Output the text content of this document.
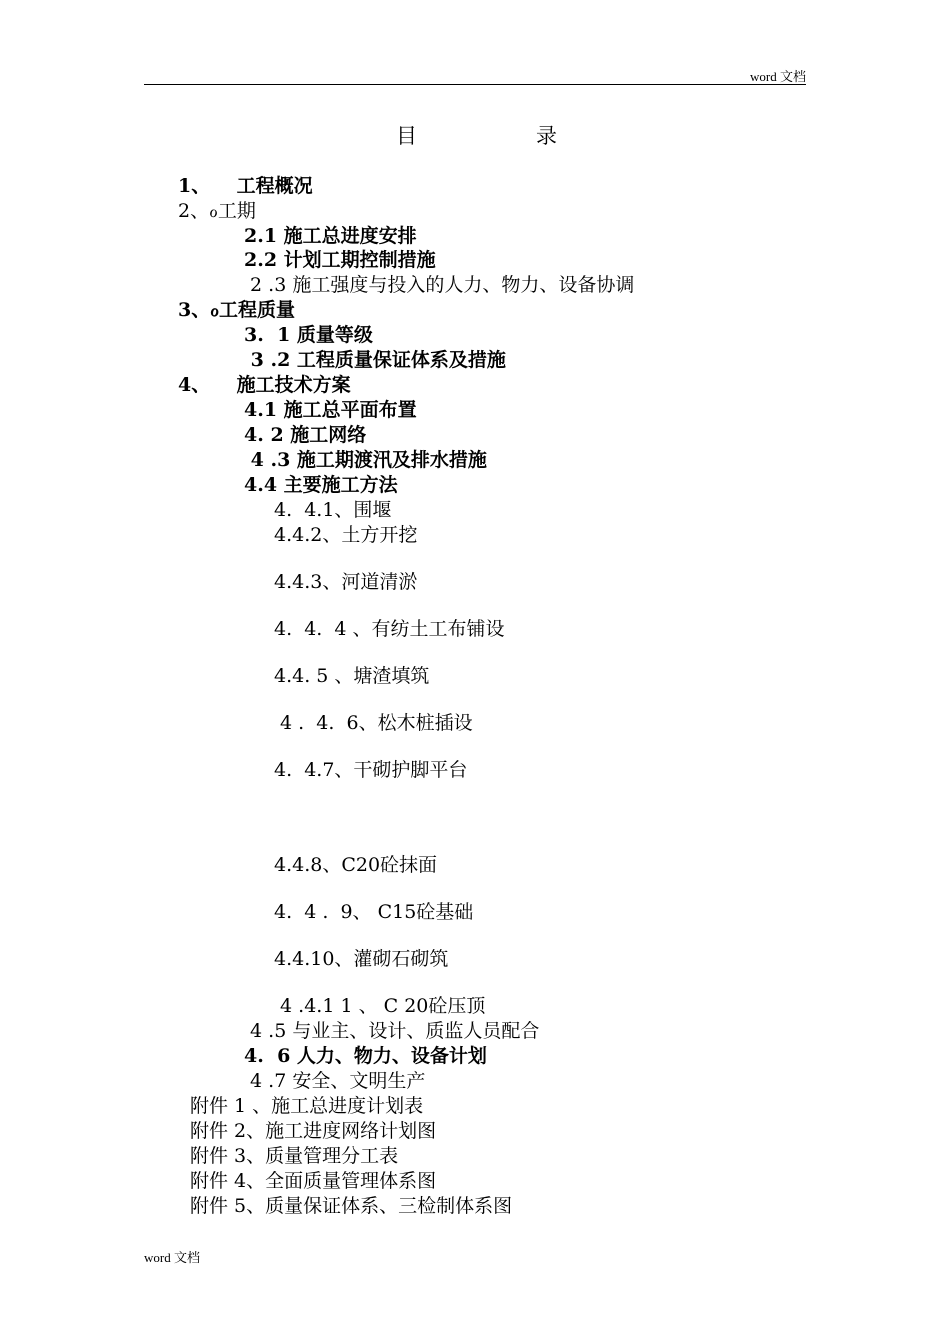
word 文档
目	录
1、    工程概况
2、ℴ工期
2.1 施工总进度安排
2.2 计划工期控制措施
2 .3 施工强度与投入的人力、物力、设备协调
3、ℴ工程质量
3.  1 质量等级
3 .2 工程质量保证体系及措施
4、    施工技术方案
4.1 施工总平面布置
4. 2 施工网络
4 .3 施工期渡汛及排水措施
4.4 主要施工方法
4.  4.1、围堰
4.4.2、土方开挖
4.4.3、河道清淤
4.  4.  4 、有纺土工布铺设
4.4. 5 、塘渣填筑
4 .  4.  6、松木桩插设
4.  4.7、干砌护脚平台
4.4.8、C20砼抹面
4.  4 .  9、 C15砼基础
4.4.10、灌砌石砌筑
4 .4.1 1 、 C 20砼压顶
4 .5 与业主、设计、质监人员配合
4.  6 人力、物力、设备计划
4 .7 安全、文明生产
附件 1 、施工总进度计划表
附件 2、施工进度网络计划图
附件 3、质量管理分工表
附件 4、全面质量管理体系图
附件 5、质量保证体系、三检制体系图
word 文档
